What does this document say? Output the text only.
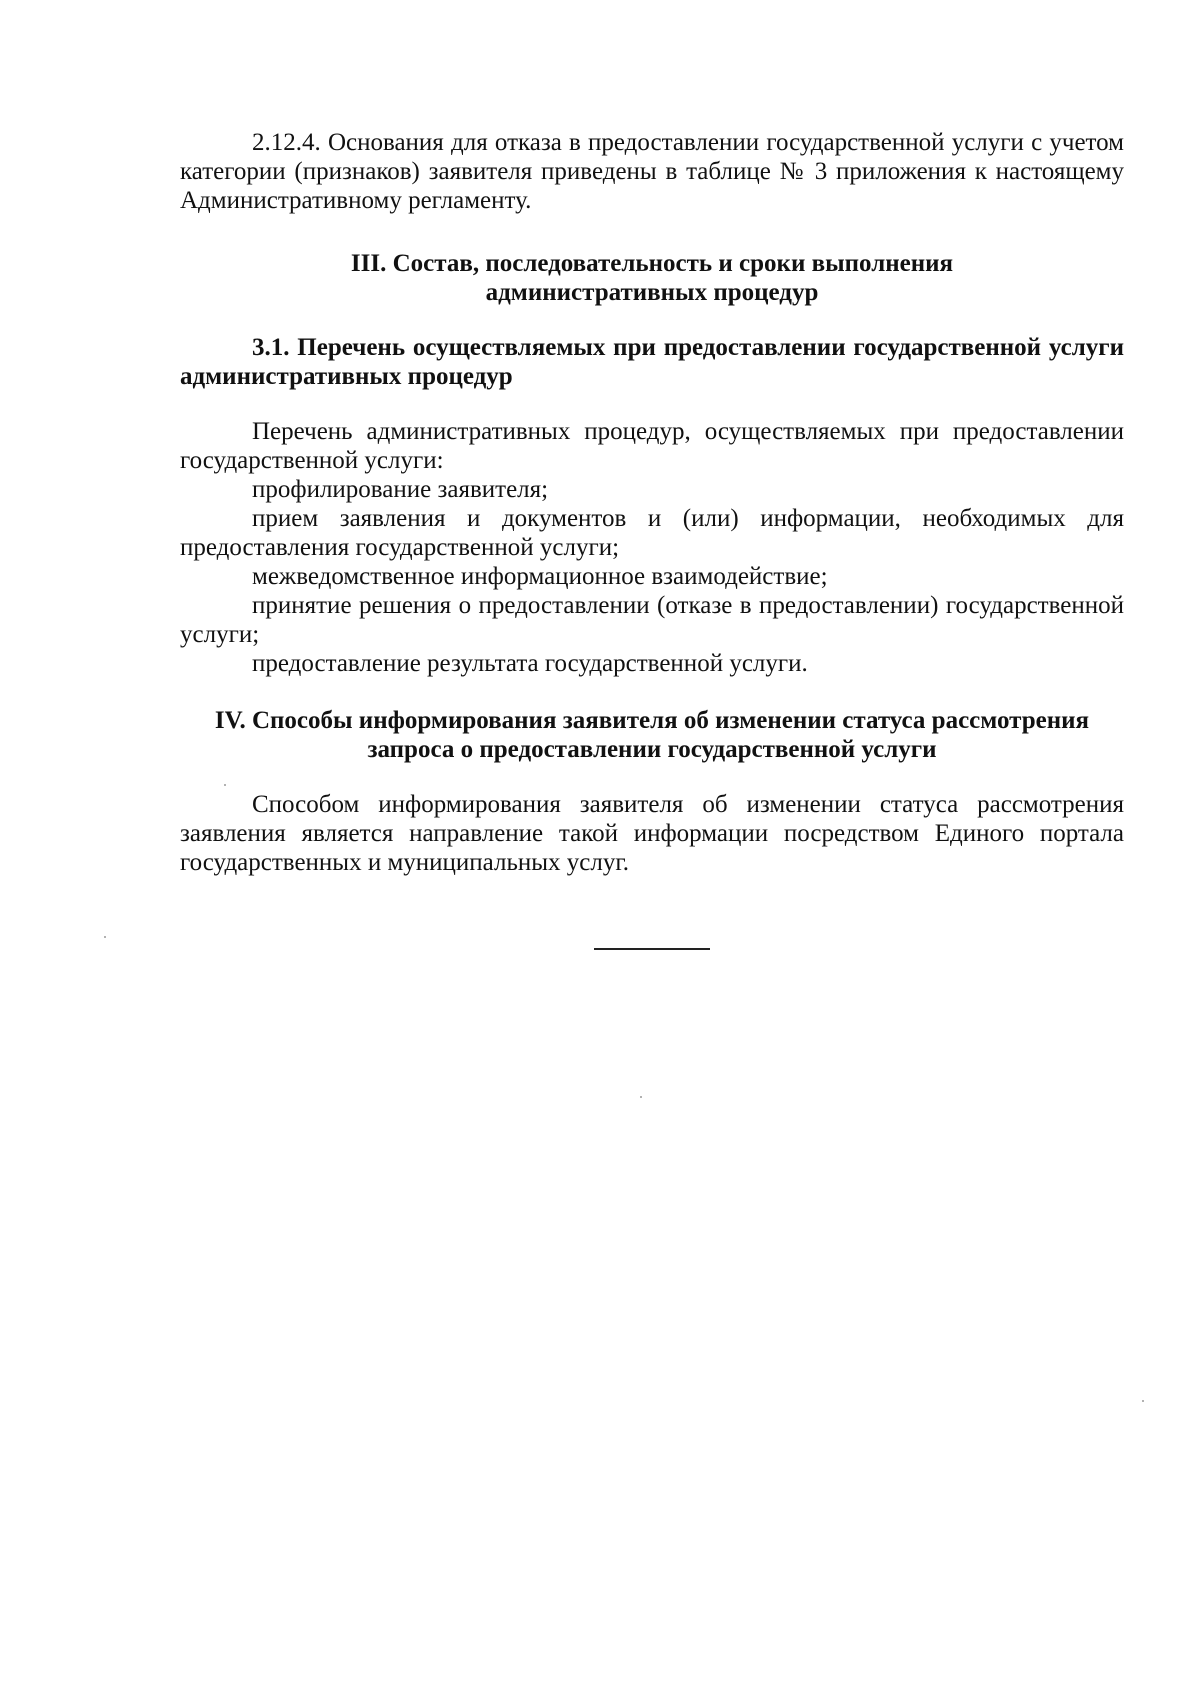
2.12.4. Основания для отказа в предоставлении государственной услуги с учетом категории (признаков) заявителя приведены в таблице № 3 приложения к настоящему Административному регламенту.

III. Состав, последовательность и сроки выполнения
административных процедур

3.1. Перечень осуществляемых при предоставлении государственной услуги административных процедур

Перечень административных процедур, осуществляемых при предоставлении государственной услуги:

профилирование заявителя;

прием заявления и документов и (или) информации, необходимых для предоставления государственной услуги;

межведомственное информационное взаимодействие;

принятие решения о предоставлении (отказе в предоставлении) государственной услуги;

предоставление результата государственной услуги.

IV. Способы информирования заявителя об изменении статуса рассмотрения
запроса о предоставлении государственной услуги

Способом информирования заявителя об изменении статуса рассмотрения заявления является направление такой информации посредством Единого портала государственных и муниципальных услуг.
